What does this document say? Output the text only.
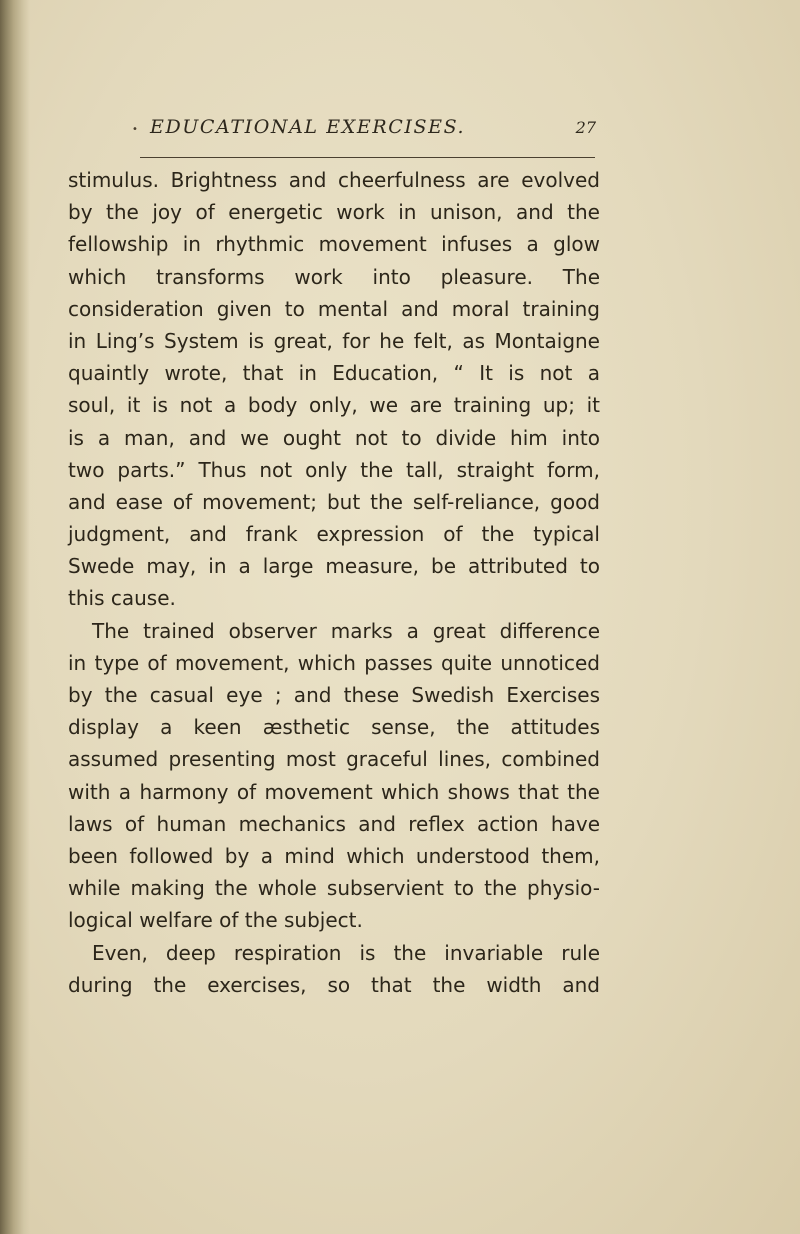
• EDUCATIONAL EXERCISES.	27
stimulus. Brightness and cheerfulness are evolved
by the joy of energetic work in unison, and the
fellowship in rhythmic movement infuses a glow
which transforms work into pleasure. The
consideration given to mental and moral training
in Ling’s System is great, for he felt, as Montaigne
quaintly wrote, that in Education, “ It is not a
soul, it is not a body only, we are training up; it
is a man, and we ought not to divide him into
two parts.” Thus not only the tall, straight form,
and ease of movement; but the self-reliance, good
judgment, and frank expression of the typical
Swede may, in a large measure, be attributed to
this cause.
The trained observer marks a great difference
in type of movement, which passes quite unnoticed
by the casual eye ; and these Swedish Exercises
display a keen æsthetic sense, the attitudes
assumed presenting most graceful lines, combined
with a harmony of movement which shows that the
laws of human mechanics and reflex action have
been followed by a mind which understood them,
while making the whole subservient to the physio-
logical welfare of the subject.
Even, deep respiration is the invariable rule
during the exercises, so that the width and
